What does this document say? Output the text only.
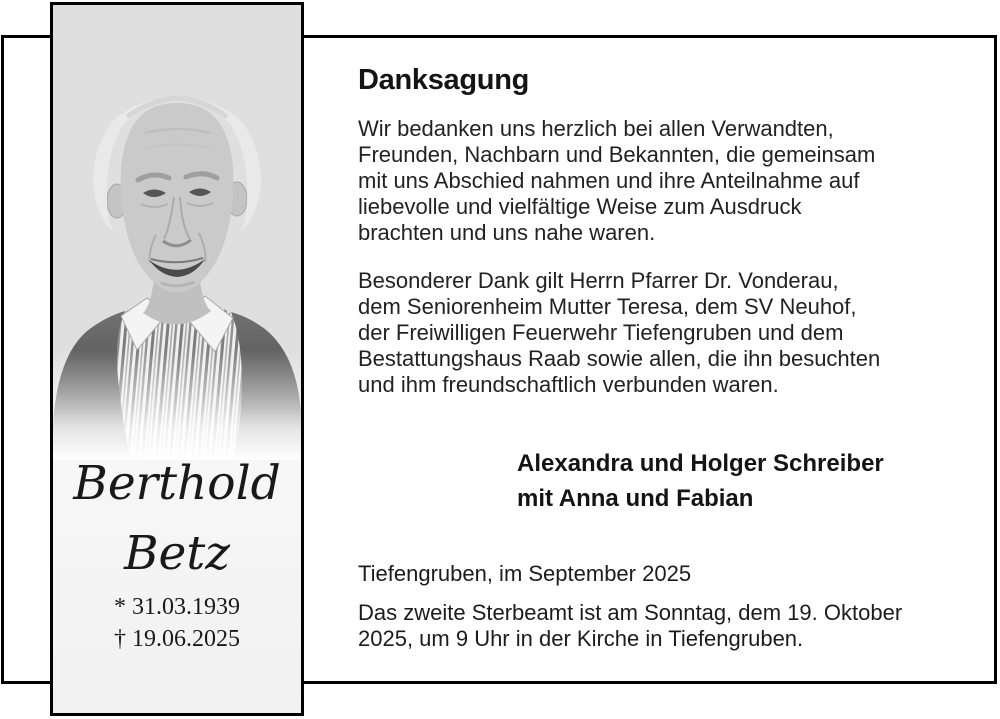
Danksagung
Wir bedanken uns herzlich bei allen Verwandten,
Freunden, Nachbarn und Bekannten, die gemeinsam
mit uns Abschied nahmen und ihre Anteilnahme auf
liebevolle und vielfältige Weise zum Ausdruck
brachten und uns nahe waren.
Besonderer Dank gilt Herrn Pfarrer Dr. Vonderau,
dem Seniorenheim Mutter Teresa, dem SV Neuhof,
der Freiwilligen Feuerwehr Tiefengruben und dem
Bestattungshaus Raab sowie allen, die ihn besuchten
und ihm freundschaftlich verbunden waren.
Alexandra und Holger Schreiber
mit Anna und Fabian
Tiefengruben, im September 2025
Das zweite Sterbeamt ist am Sonntag, dem 19. Oktober
2025, um 9 Uhr in der Kirche in Tiefengruben.
Berthold
Betz
* 31.03.1939
† 19.06.2025
